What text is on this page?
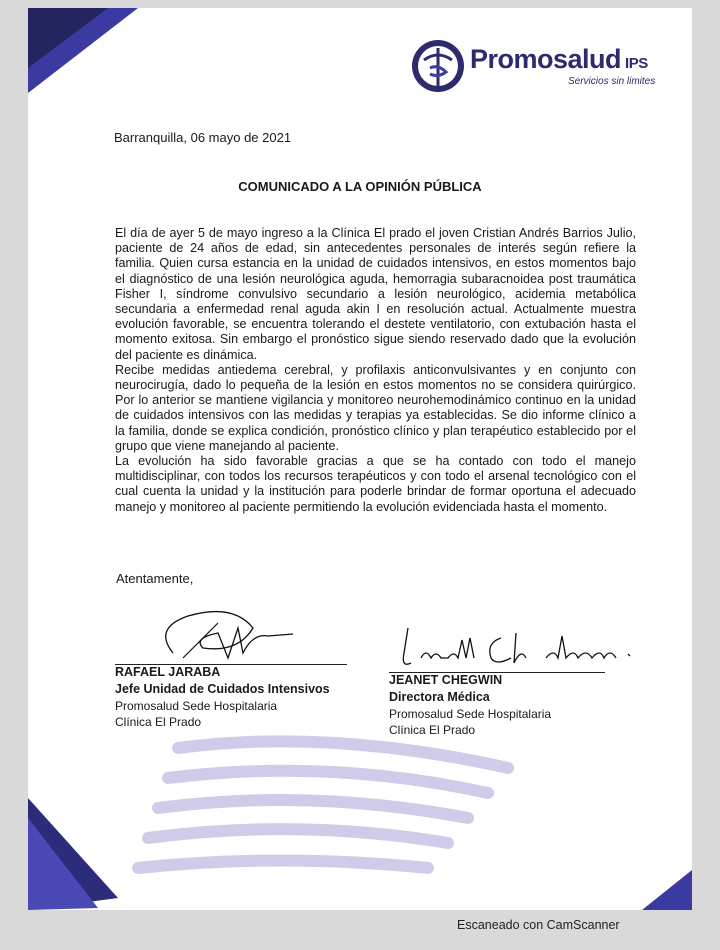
Promosalud IPS
Servicios sin limites
Barranquilla, 06 mayo de 2021
COMUNICADO A LA OPINIÓN PÚBLICA

El día de ayer 5 de mayo ingreso a la Clínica El prado el joven Cristian Andrés Barrios Julio, paciente de 24 años de edad, sin antecedentes personales de interés según refiere la familia. Quien cursa estancia en la unidad de cuidados intensivos, en estos momentos bajo el diagnóstico de una lesión neurológica aguda, hemorragia subaracnoidea post traumática Fisher I, síndrome convulsivo secundario a lesión neurológico, acidemia metabólica secundaria a enfermedad renal aguda akin I en resolución actual. Actualmente muestra evolución favorable, se encuentra tolerando el destete ventilatorio, con extubación hasta el momento exitosa. Sin embargo el pronóstico sigue siendo reservado dado que la evolución del paciente es dinámica.

Recibe medidas antiedema cerebral, y profilaxis anticonvulsivantes y en conjunto con neurocirugía, dado lo pequeña de la lesión en estos momentos no se considera quirúrgico. Por lo anterior se mantiene vigilancia y monitoreo neurohemodinámico continuo en la unidad de cuidados intensivos con las medidas y terapias ya establecidas. Se dio informe clínico a la familia, donde se explica condición, pronóstico clínico y plan terapéutico establecido por el grupo que viene manejando al paciente.

La evolución ha sido favorable gracias a que se ha contado con todo el manejo multidisciplinar, con todos los recursos terapéuticos y con todo el arsenal tecnológico con el cual cuenta la unidad y la institución para poderle brindar de formar oportuna el adecuado manejo y monitoreo al paciente permitiendo la evolución evidenciada hasta el momento.

Atentamente,
RAFAEL JARABA
Jefe Unidad de Cuidados Intensivos
Promosalud Sede Hospitalaria
Clínica El Prado
JEANET CHEGWIN
Directora Médica
Promosalud Sede Hospitalaria
Clínica El Prado
Escaneado con CamScanner
